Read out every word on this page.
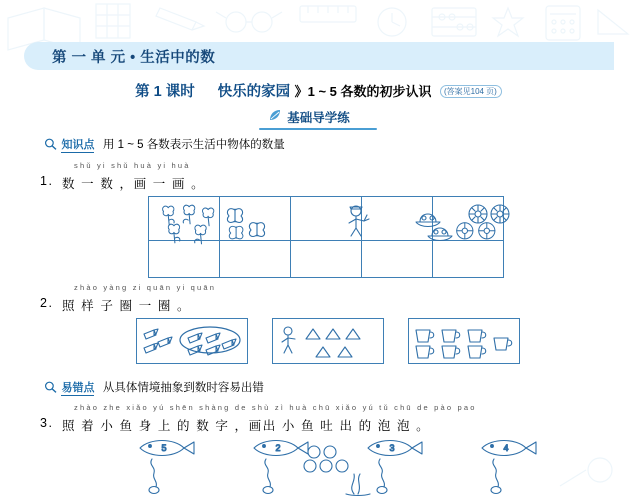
第 一 单 元 • 生活中的数
第 1 课时 快乐的家园 》1 ~ 5 各数的初步认识 (答案见104 页)
基础导学练
知识点 用 1 ~ 5 各数表示生活中物体的数量
shǔ yi shǔ huà yi huà
1. 数 一 数 ，画 一 画 。
zhào yàng zi quān yi quān
2. 照 样 子 圈 一 圈 。
易错点 从具体情境抽象到数时容易出错
zhào zhe xiǎo yú shēn shàng de shù zì huà chū xiǎo yú tǔ chū de pào pao
3. 照 着 小 鱼 身 上 的 数 字 ，画出 小 鱼 吐 出 的 泡 泡 。
5	2	3	4
